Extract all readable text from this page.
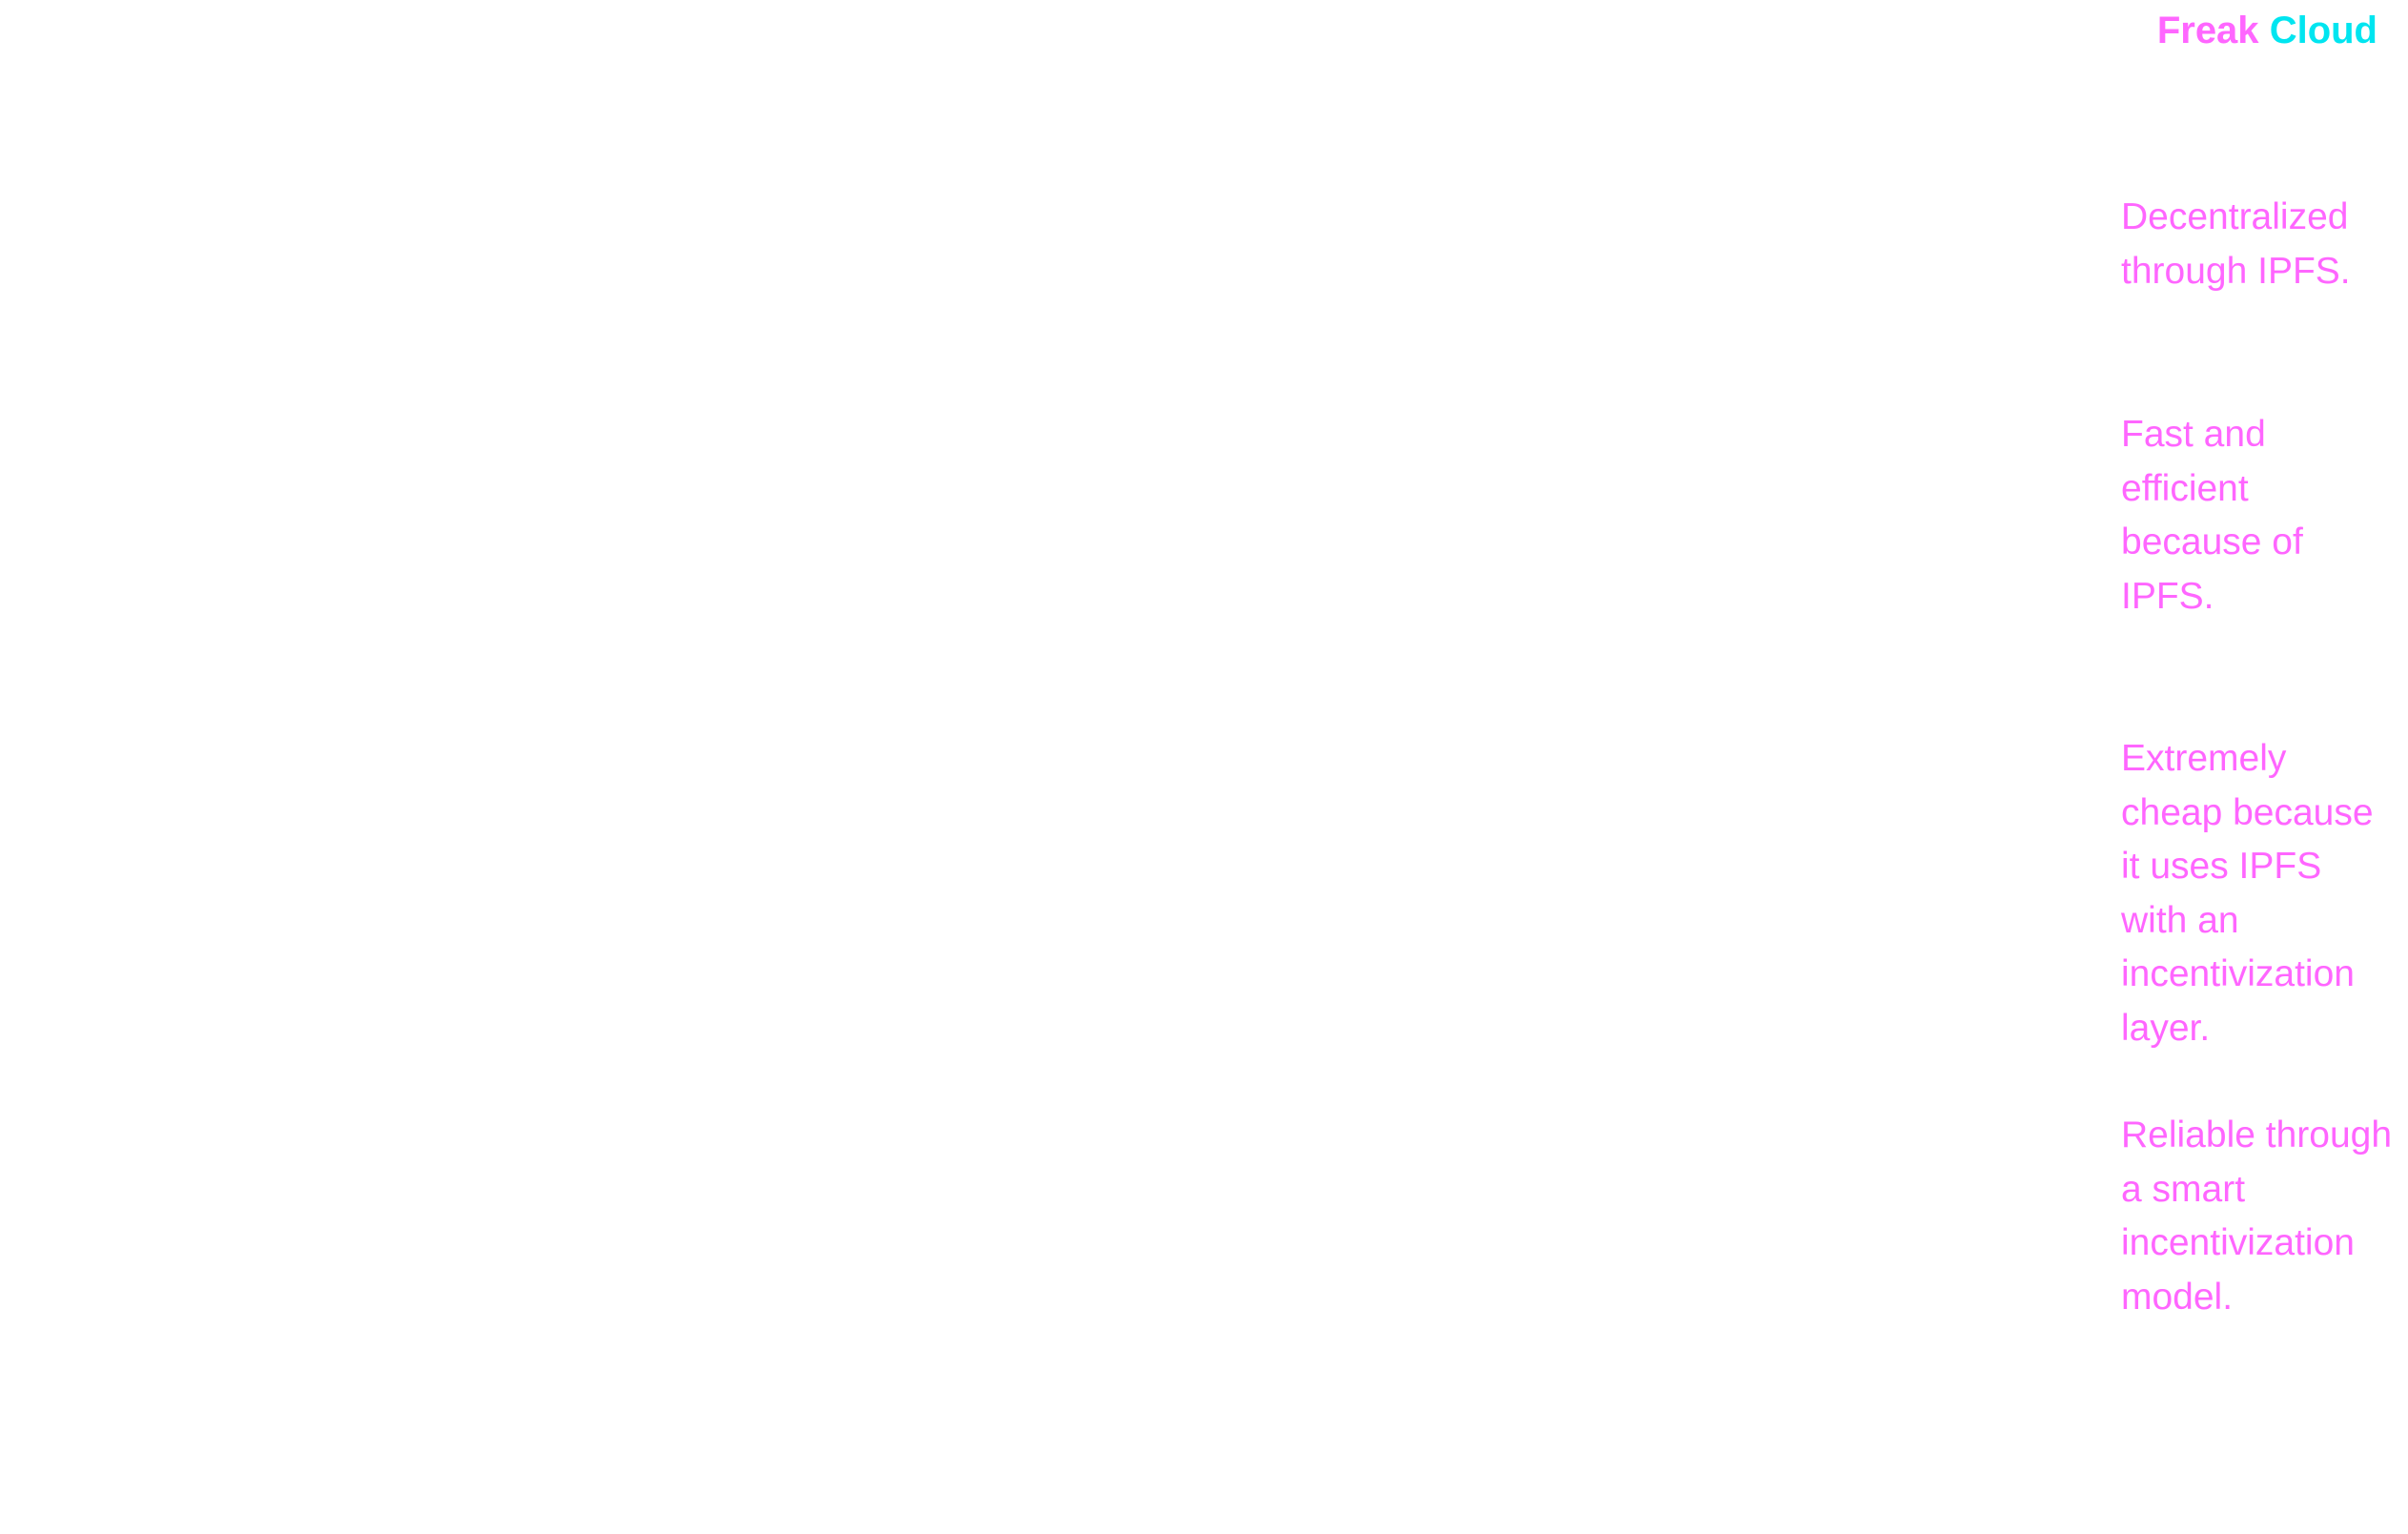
Freak Cloud
Decentralized through IPFS.
Fast and efficient because of IPFS.
Extremely cheap because it uses IPFS with an incentivization layer.
Reliable through a smart incentivization model.
